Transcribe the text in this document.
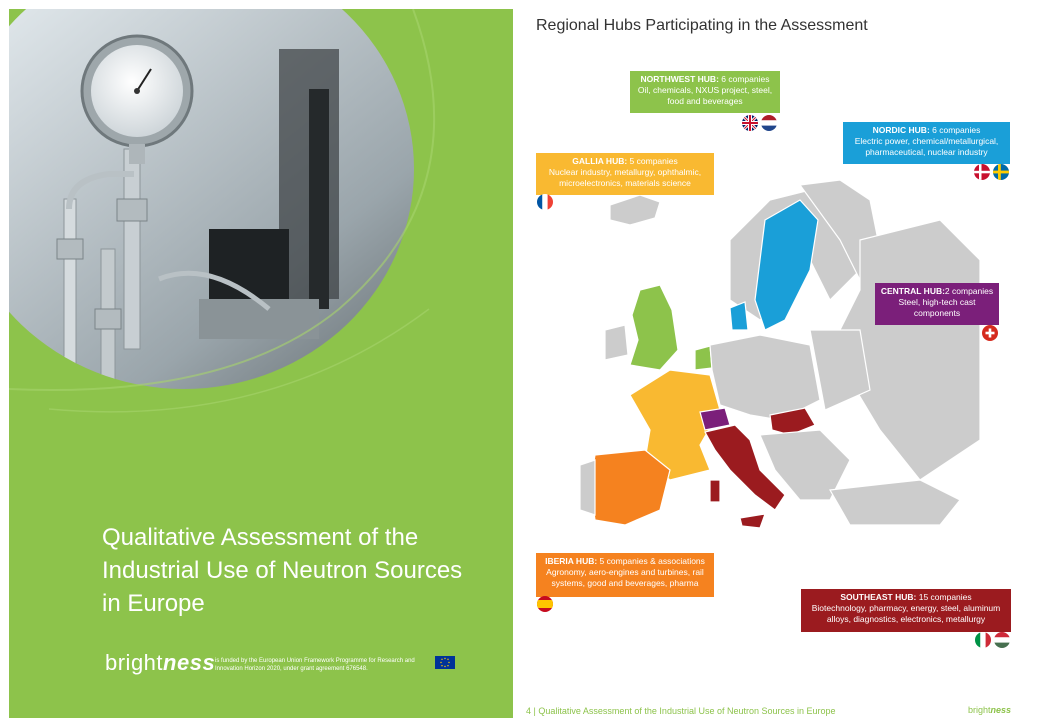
Qualitative Assessment of the
Industrial Use of Neutron Sources
in Europe
brightness is funded by the European Union Framework Programme for Research and Innovation Horizon 2020, under grant agreement 676548.
Regional Hubs Participating in the Assessment
NORTHWEST HUB: 6 companies
Oil, chemicals, NXUS project, steel, food and beverages
NORDIC HUB: 6 companies
Electric power, chemical/metallurgical, pharmaceutical, nuclear industry
GALLIA HUB: 5 companies
Nuclear industry, metallurgy, ophthalmic, microelectronics, materials science
CENTRAL HUB:2 companies
Steel, high-tech cast components
IBERIA HUB: 5 companies & associations
Agronomy, aero-engines and turbines, rail systems, good and beverages, pharma
SOUTHEAST HUB: 15 companies
Biotechnology, pharmacy, energy, steel, aluminum alloys, diagnostics, electronics, metallurgy
4 | Qualitative Assessment of the Industrial Use of Neutron Sources in Europe	brightness
